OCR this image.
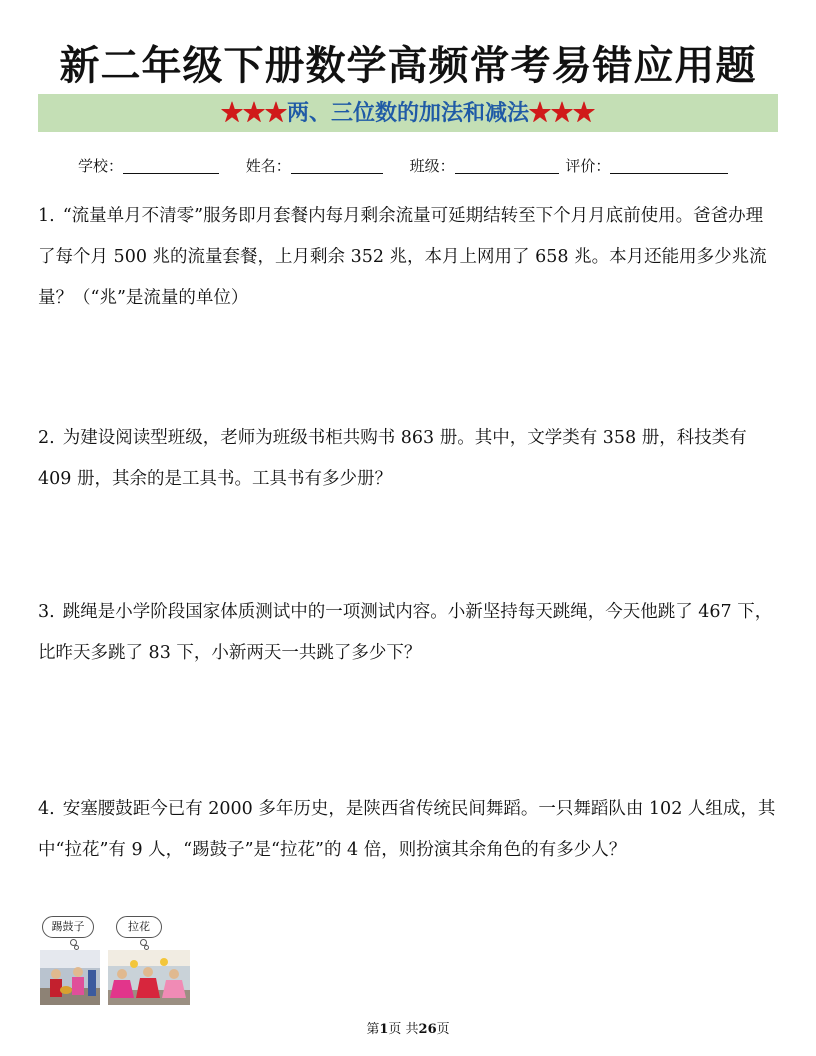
新二年级下册数学高频常考易错应用题
★★★两、三位数的加法和减法★★★
学校：	姓名：	班级：	评价：

1. “流量单月不清零”服务即月套餐内每月剩余流量可延期结转至下个月月底前使用。爸爸办理了每个月 500 兆的流量套餐，上月剩余 352 兆，本月上网用了 658 兆。本月还能用多少兆流量？（“兆”是流量的单位）

2. 为建设阅读型班级，老师为班级书柜共购书 863 册。其中，文学类有 358 册，科技类有 409 册，其余的是工具书。工具书有多少册？

3. 跳绳是小学阶段国家体质测试中的一项测试内容。小新坚持每天跳绳，今天他跳了 467 下，比昨天多跳了 83 下，小新两天一共跳了多少下？

4. 安塞腰鼓距今已有 2000 多年历史，是陕西省传统民间舞蹈。一只舞蹈队由 102 人组成，其中“拉花”有 9 人，“踢鼓子”是“拉花”的 4 倍，则扮演其余角色的有多少人？

踢鼓子	拉花
第1页 共26页
